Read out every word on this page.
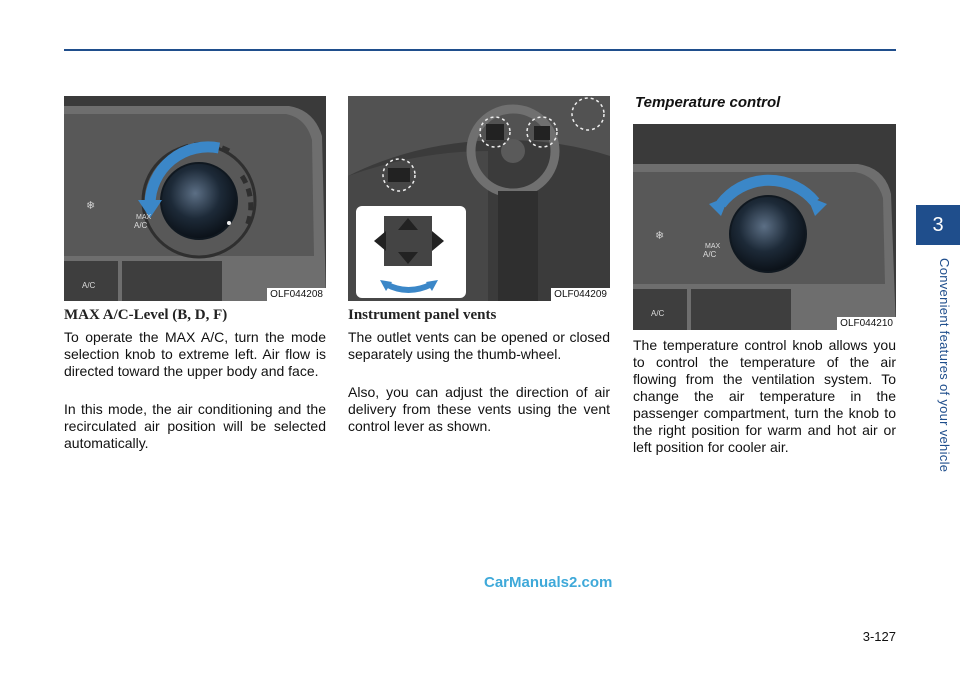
MAX
A/C
A/C
❄
OLF044208	OLF044209
MAX
A/C
A/C
❄
OLF044210
MAX A/C-Level (B, D, F)
To operate the MAX A/C, turn the mode selection knob to extreme left. Air flow is directed toward the upper body and face.
In this mode, the air conditioning and the recirculated air position will be selected automatically.
Instrument panel vents
The outlet vents can be opened or closed separately using the thumb-wheel.
Also, you can adjust the direction of air delivery from these vents using the vent control lever as shown.
Temperature control
The temperature control knob allows you to control the temperature of the air flowing from the ventilation system. To change the air temperature in the passenger compartment, turn the knob to the right position for warm and hot air or left position for cooler air.
3
Convenient features of your vehicle
CarManuals2.com
3-127
